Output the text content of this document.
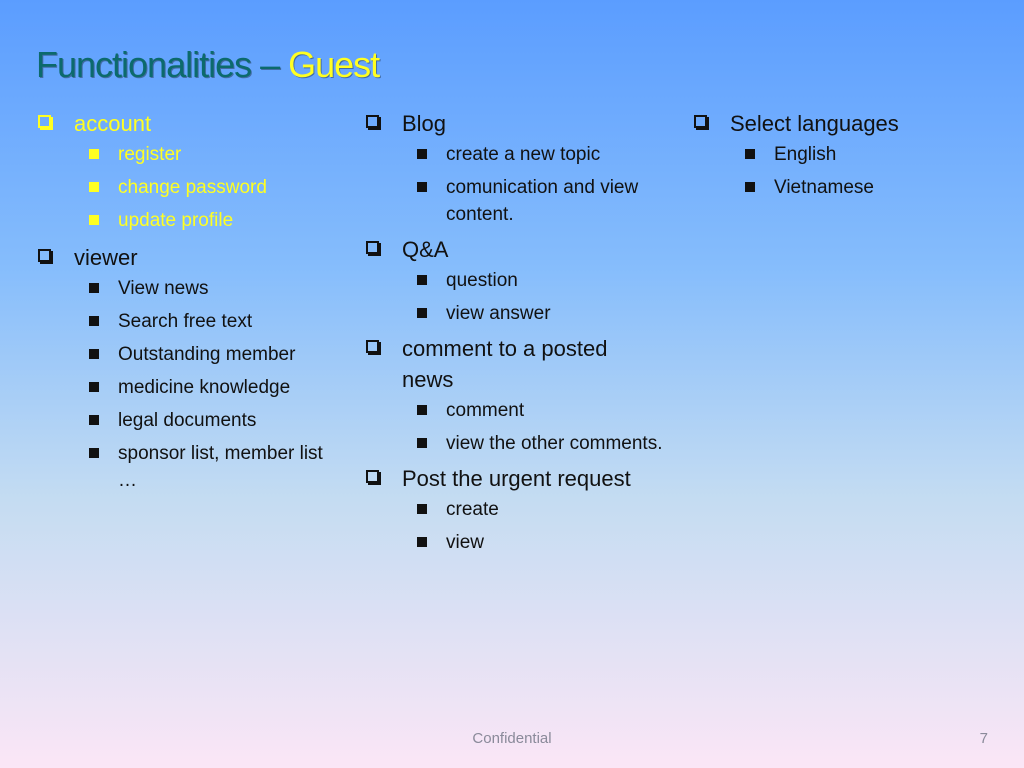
Functionalities – Guest
account
register
change password
update profile
viewer
View news
Search free text
Outstanding member
medicine knowledge
legal documents
sponsor list, member list …
Blog
create a new topic
comunication and view content.
Q&A
question
view answer
comment to a posted news
comment
view the other comments.
Post the urgent request
create
view
Select languages
English
Vietnamese
Confidential	7
